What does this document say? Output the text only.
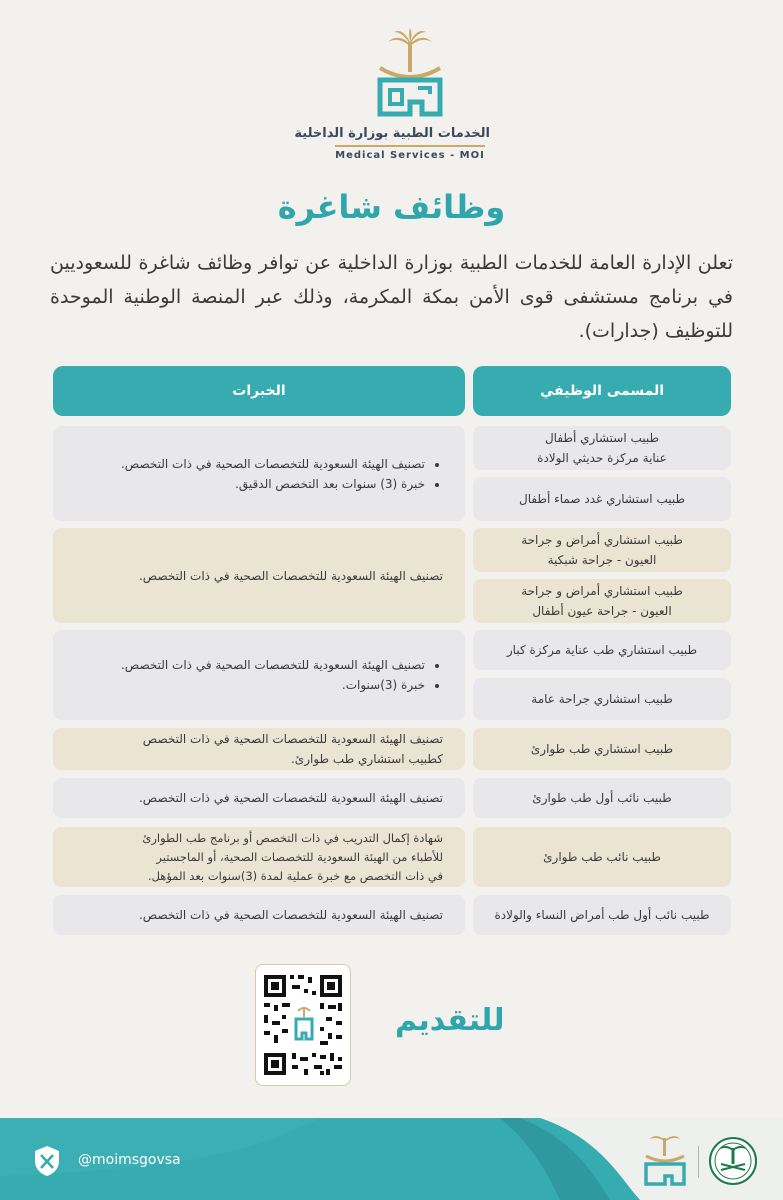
الخدمات الطبية بوزارة الداخلية
Medical Services - MOI
وظائف شاغرة
تعلن الإدارة العامة للخدمات الطبية بوزارة الداخلية عن توافر وظائف شاغرة للسعوديين في برنامج مستشفى قوى الأمن بمكة المكرمة، وذلك عبر المنصة الوطنية الموحدة للتوظيف (جدارات).
المسمى الوظيفي
الخبرات
طبيب استشاري أطفال
عناية مركزة حديثي الولادة
طبيب استشاري غدد صماء أطفال
طبيب استشاري أمراض و جراحة
العيون - جراحة شبكية
طبيب استشاري أمراض و جراحة
العيون - جراحة عيون أطفال
طبيب استشاري طب عناية مركزة كبار
طبيب استشاري جراحة عامة
طبيب استشاري طب طوارئ
طبيب نائب أول طب طوارئ
طبيب نائب طب طوارئ
طبيب نائب أول طب أمراض النساء والولادة
• تصنيف الهيئة السعودية للتخصصات الصحية في ذات التخصص.
• خبرة (3) سنوات بعد التخصص الدقيق.
تصنيف الهيئة السعودية للتخصصات الصحية في ذات التخصص.
• تصنيف الهيئة السعودية للتخصصات الصحية في ذات التخصص.
• خبرة (3)سنوات.
تصنيف الهيئة السعودية للتخصصات الصحية في ذات التخصص
كطبيب استشاري طب طوارئ.
تصنيف الهيئة السعودية للتخصصات الصحية في ذات التخصص.
شهادة إكمال التدريب في ذات التخصص أو برنامج طب الطوارئ
للأطباء من الهيئة السعودية للتخصصات الصحية، أو الماجستير
في ذات التخصص مع خبرة عملية لمدة (3)سنوات بعد المؤهل.
تصنيف الهيئة السعودية للتخصصات الصحية في ذات التخصص.
للتقديم
@moimsgovsa
